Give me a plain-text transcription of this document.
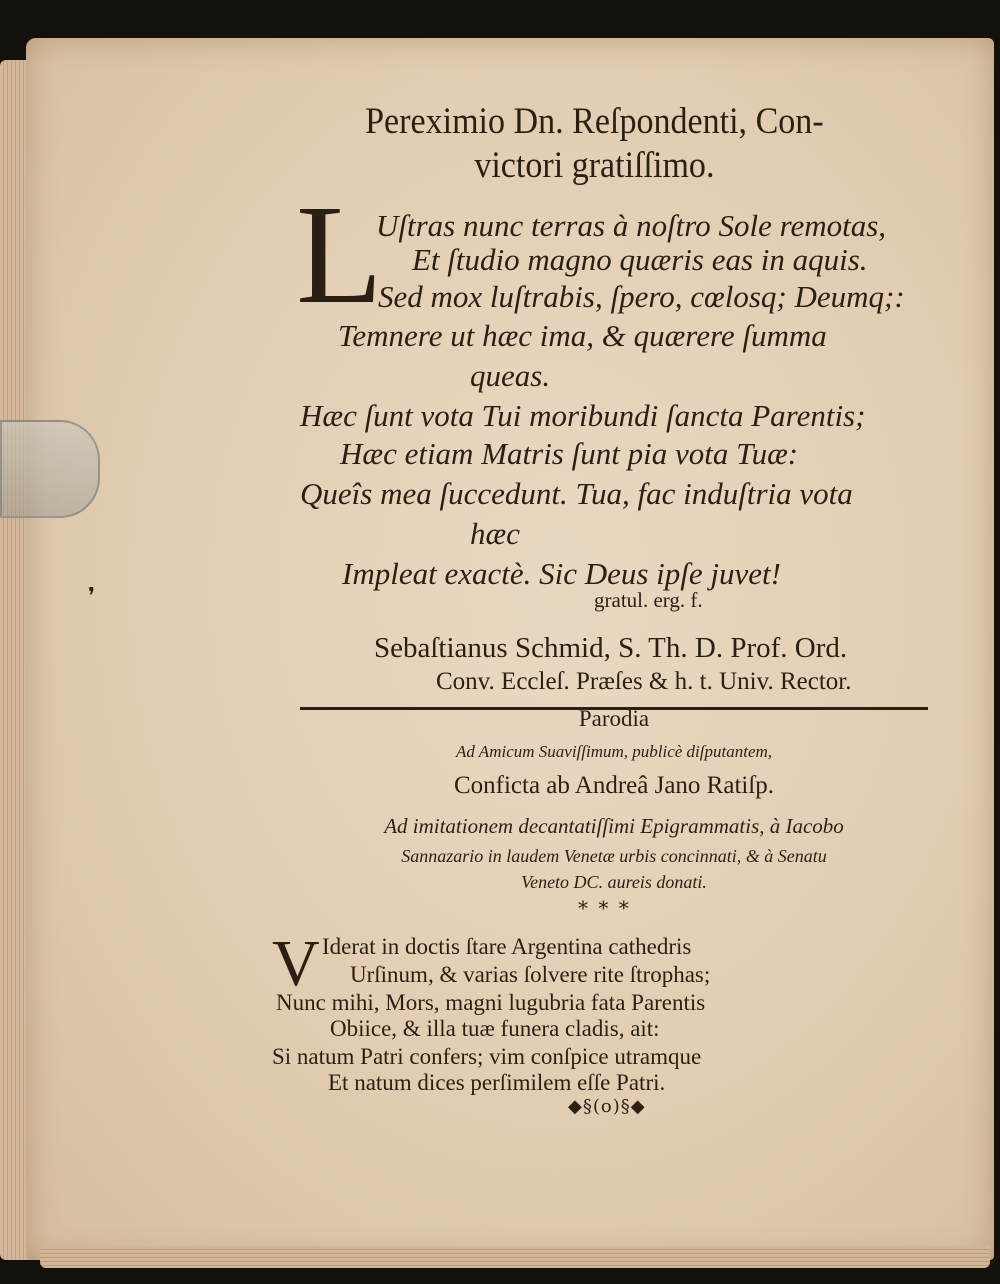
❜
Pereximio Dn. Reſpondenti, Con-
victori gratiſſimo.
L
Uſtras nunc terras à noſtro Sole remotas,
Et ſtudio magno quæris eas in aquis.
Sed mox luſtrabis, ſpero, cœlosq; Deumq;:
Temnere ut hæc ima, & quærere ſumma
queas.
Hæc ſunt vota Tui moribundi ſancta Parentis;
Hæc etiam Matris ſunt pia vota Tuæ:
Queîs mea ſuccedunt. Tua, fac induſtria vota
hæc
Impleat exactè. Sic Deus ipſe juvet!
gratul. erg. f.
Sebaſtianus Schmid, S. Th. D. Prof. Ord.
Conv. Eccleſ. Præſes & h. t. Univ. Rector.
Parodia
Ad Amicum Suaviſſimum, publicè diſputantem,
Conficta ab Andreâ Jano Ratiſp.
Ad imitationem decantatiſſimi Epigrammatis, à Iacobo
Sannazario in laudem Venetæ urbis concinnati, & à Senatu
Veneto DC. aureis donati.
* * *
V Iderat in doctis ſtare Argentina cathedris
Urſinum, & varias ſolvere rite ſtrophas;
Nunc mihi, Mors, magni lugubria fata Parentis
Obiice, & illa tuæ funera cladis, ait:
Si natum Patri confers; vim conſpice utramque
Et natum dices perſimilem eſſe Patri.
◆§(o)§◆
